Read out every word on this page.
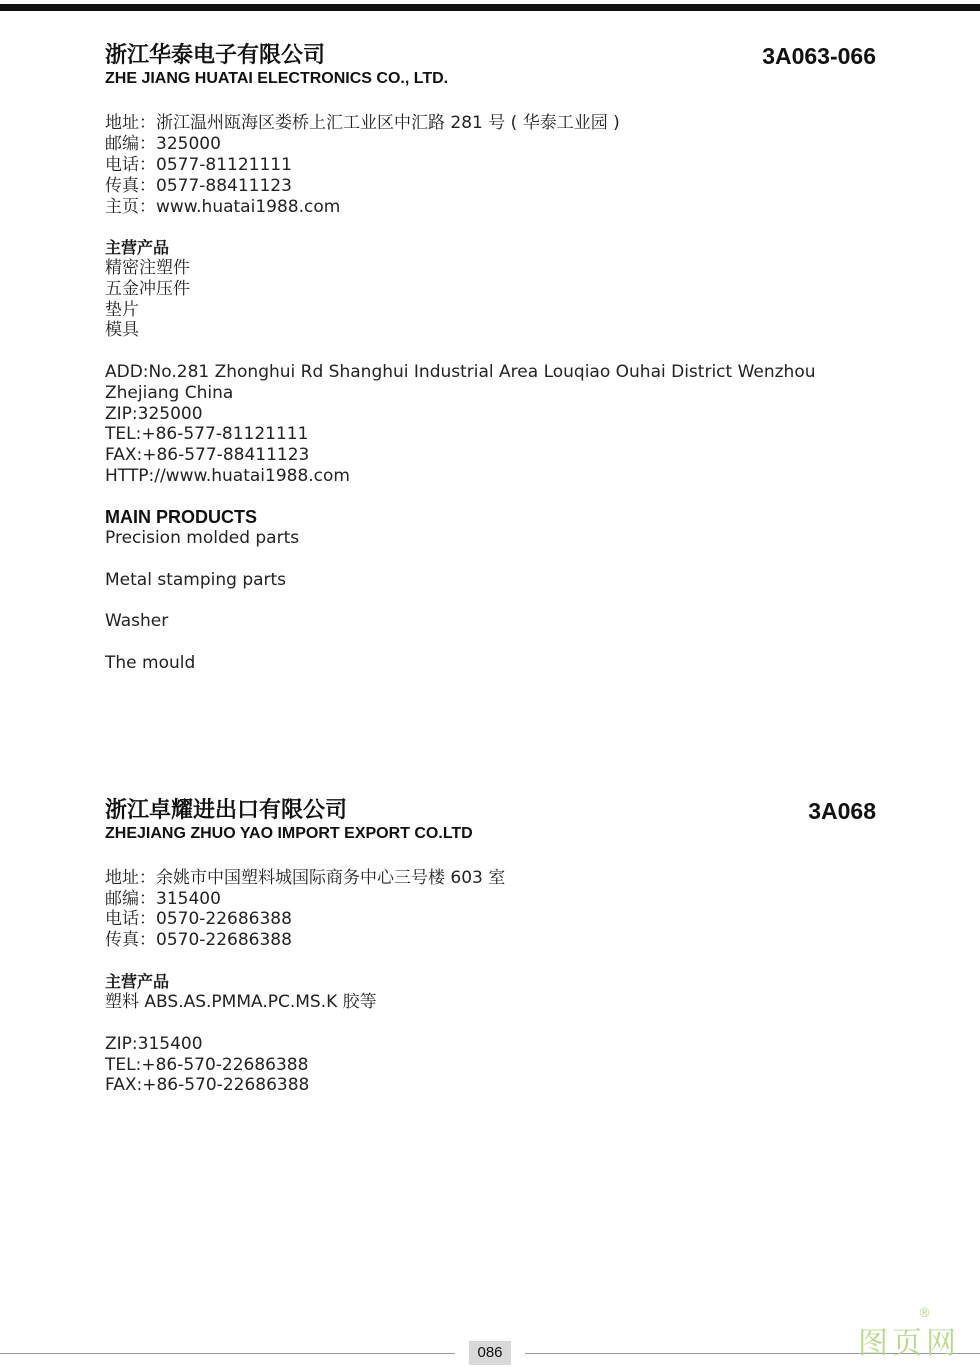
浙江华泰电子有限公司
ZHE JIANG HUATAI ELECTRONICS CO., LTD.
3A063-066
地址：浙江温州瓯海区娄桥上汇工业区中汇路 281 号 ( 华泰工业园 )
邮编：325000
电话：0577-81121111
传真：0577-88411123
主页：www.huatai1988.com
主营产品
精密注塑件
五金冲压件
垫片
模具
ADD:No.281 Zhonghui Rd Shanghui Industrial Area Louqiao Ouhai District Wenzhou
Zhejiang China
ZIP:325000
TEL:+86-577-81121111
FAX:+86-577-88411123
HTTP://www.huatai1988.com
MAIN PRODUCTS
Precision molded parts
Metal stamping parts
Washer
The mould
浙江卓耀进出口有限公司
ZHEJIANG ZHUO YAO IMPORT EXPORT CO.LTD
3A068
地址：余姚市中国塑料城国际商务中心三号楼 603 室
邮编：315400
电话：0570-22686388
传真：0570-22686388
主营产品
塑料 ABS.AS.PMMA.PC.MS.K 胶等
ZIP:315400
TEL:+86-570-22686388
FAX:+86-570-22686388
086	图页网
®
